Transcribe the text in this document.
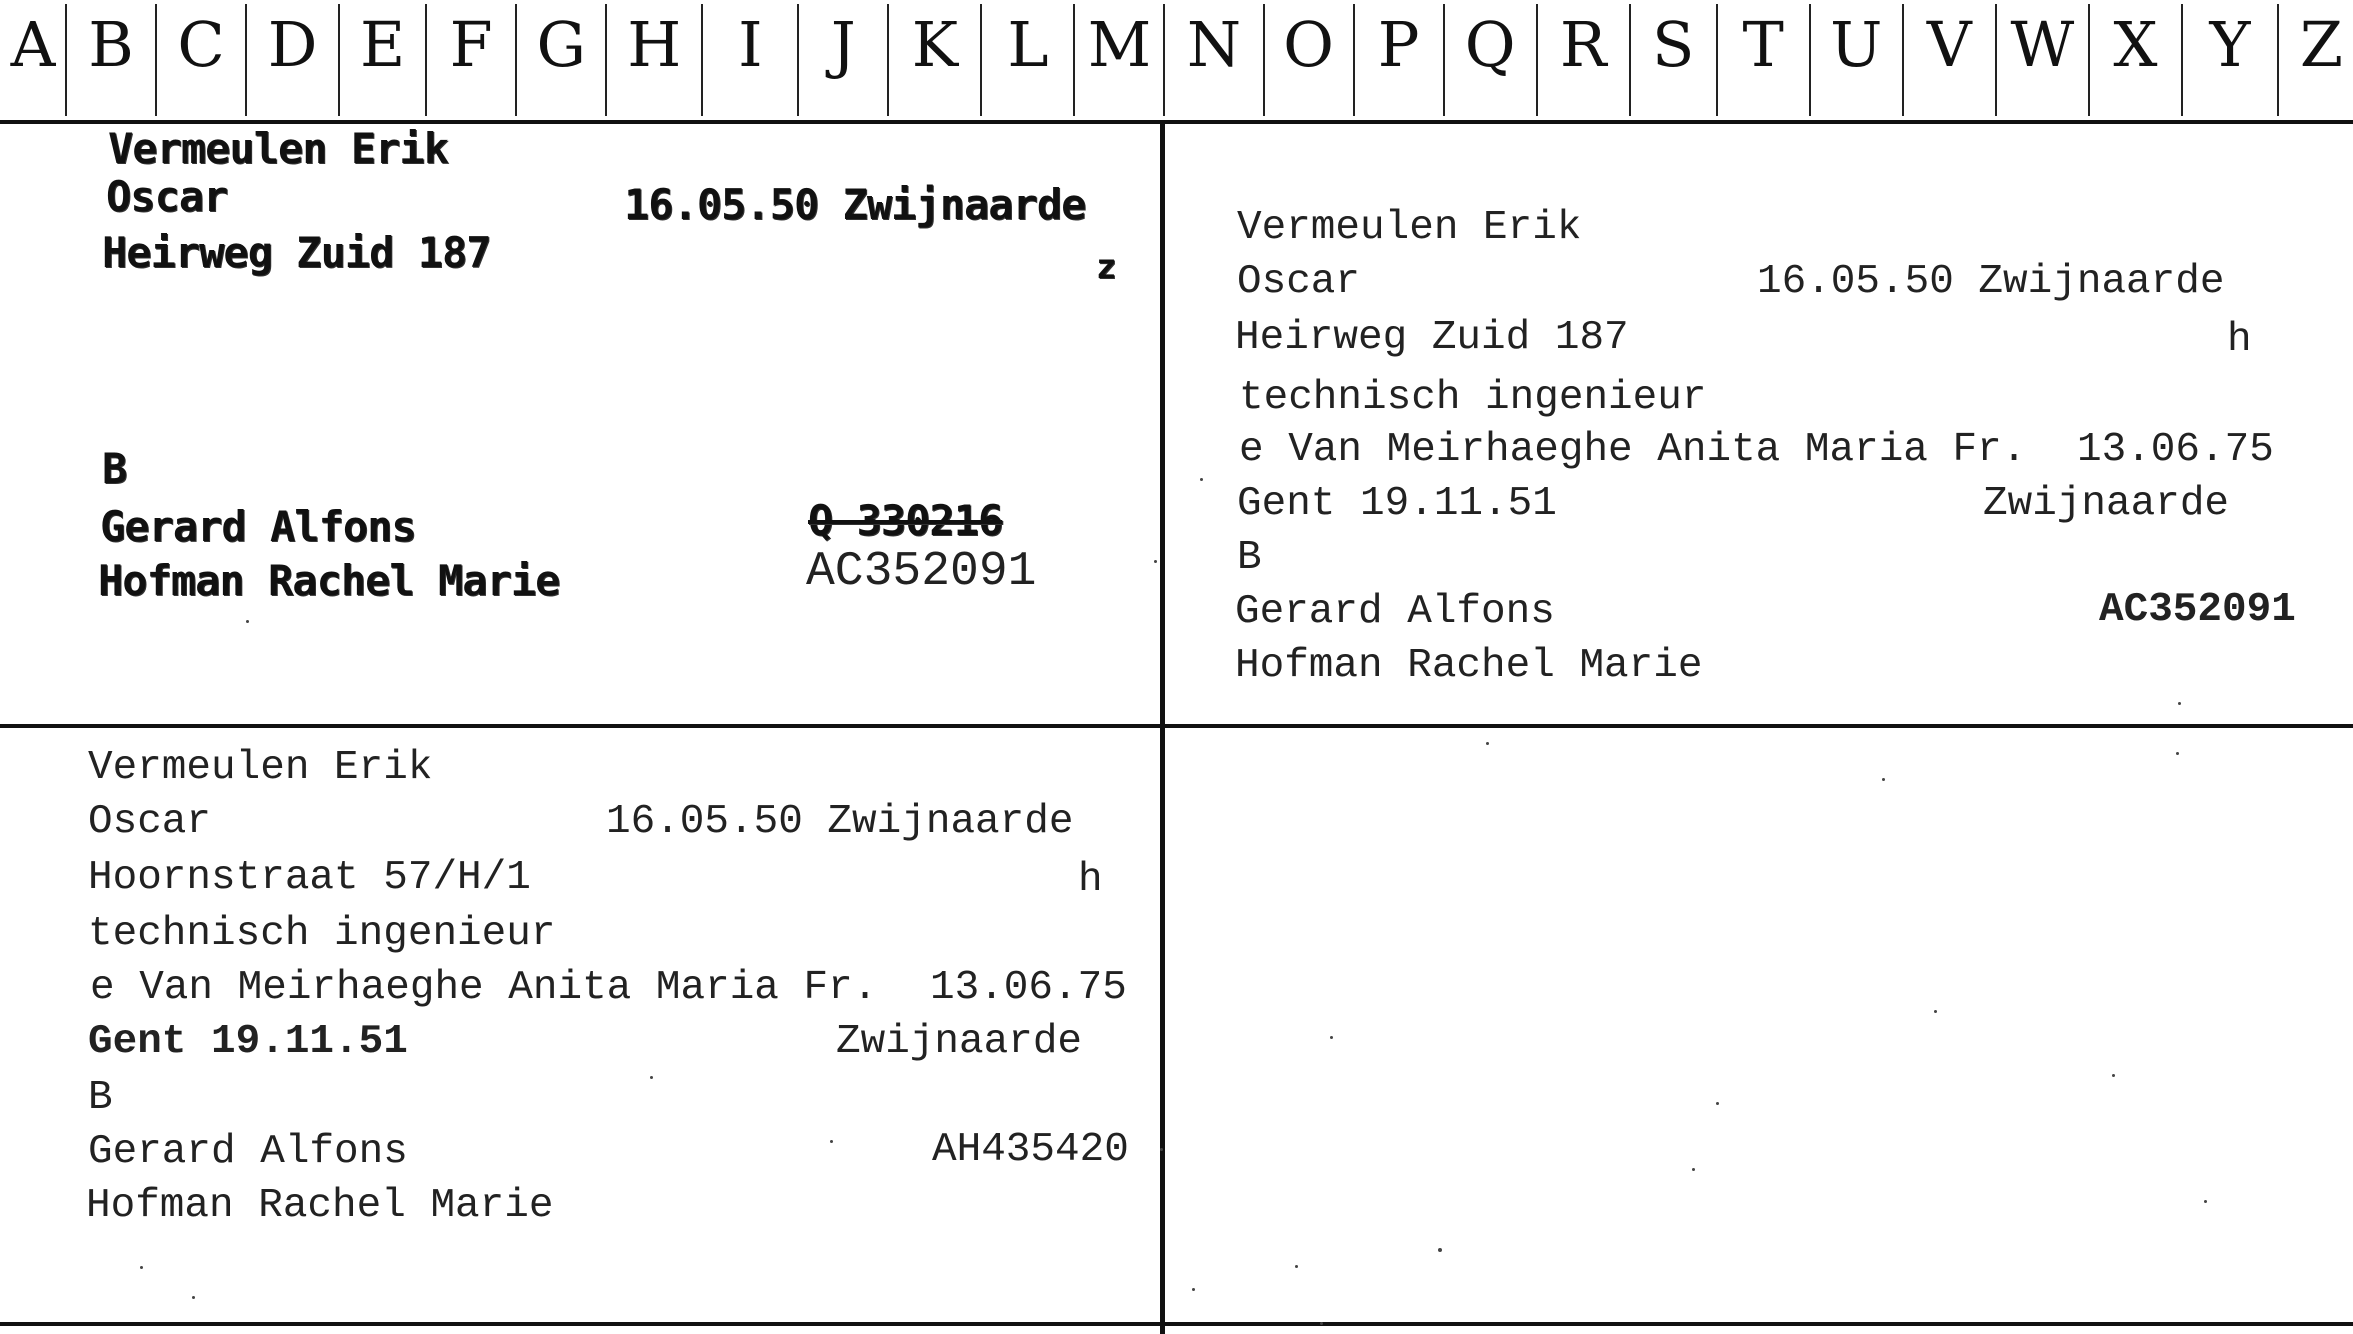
A B C D E F G H I	J K L M N O P Q R S T U V W X Y Z
Vermeulen Erik
Oscar	16.05.50 Zwijnaarde
Heirweg Zuid 187	z
B
Gerard Alfons	Q 330216
Hofman Rachel Marie	AC352091
Vermeulen Erik
Oscar	16.05.50 Zwijnaarde
Heirweg Zuid 187	h
technisch ingenieur
e Van Meirhaeghe Anita Maria Fr. 13.06.75
Gent 19.11.51	Zwijnaarde
B
Gerard Alfons	AC352091
Hofman Rachel Marie
Vermeulen Erik
Oscar	16.05.50 Zwijnaarde
Hoornstraat 57/H/1	h
technisch ingenieur
e Van Meirhaeghe Anita Maria Fr. 13.06.75
Gent 19.11.51	Zwijnaarde
B
Gerard Alfons	AH435420
Hofman Rachel Marie
